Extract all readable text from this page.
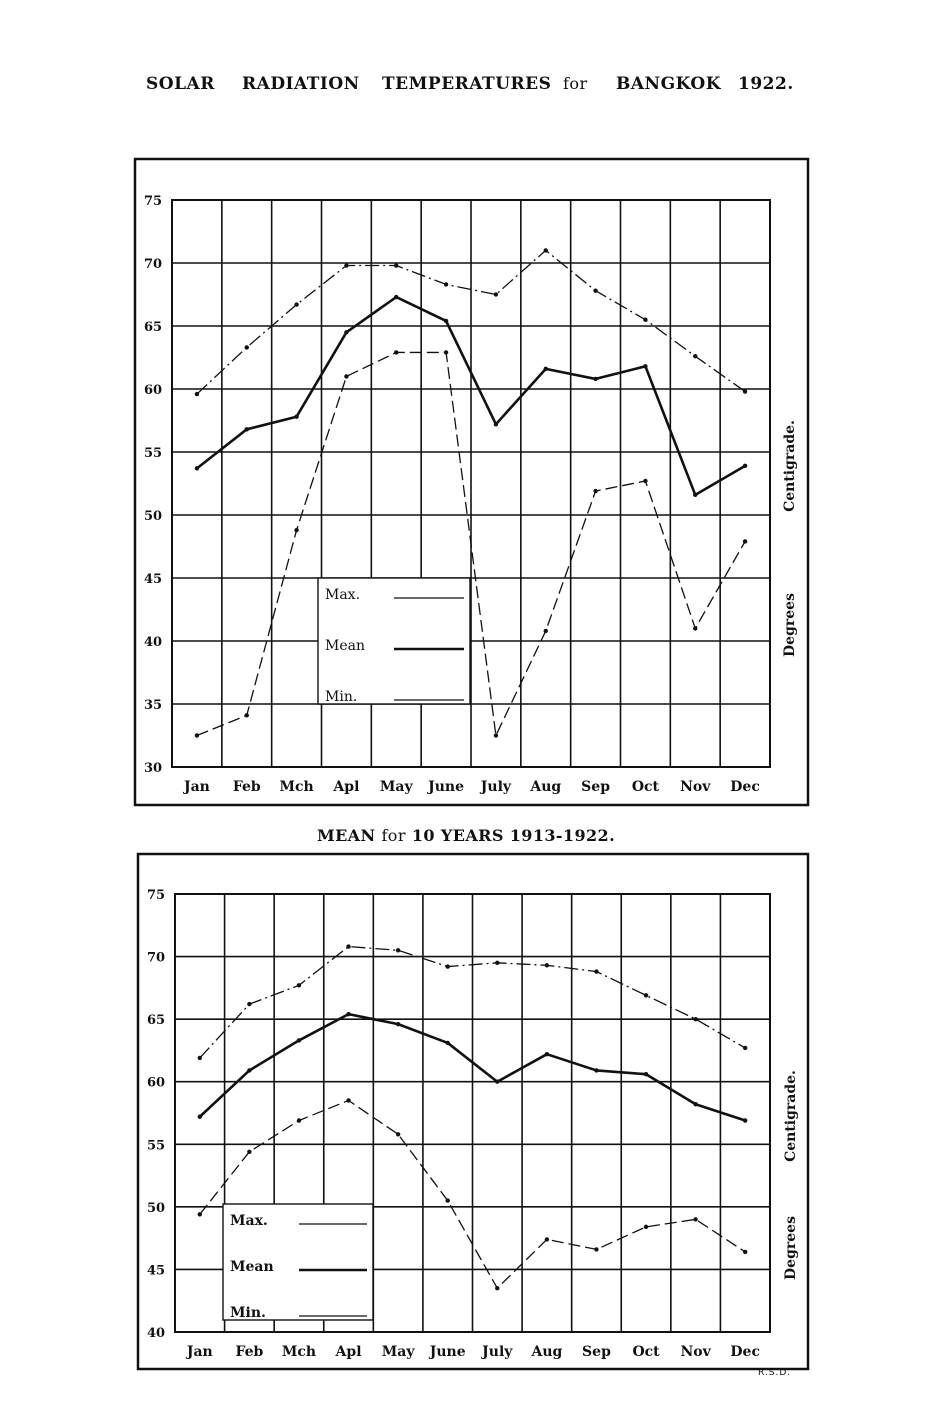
SOLAR RADIATION TEMPERATURES for BANGKOK 1922.
MEAN for 10 YEARS 1913-1922.
30
35
40
45
50
55
60
65
70
75
Jan Feb Mch Apl May June July Aug Sep Oct Nov Dec
Degrees
Centigrade.
Max.
Mean
Min.
40
45
50
55
60
65
70
75
Jan Feb Mch Apl May June July Aug Sep Oct Nov Dec
Degrees
Centigrade.
Max.
Mean
Min.
R.S.D.
